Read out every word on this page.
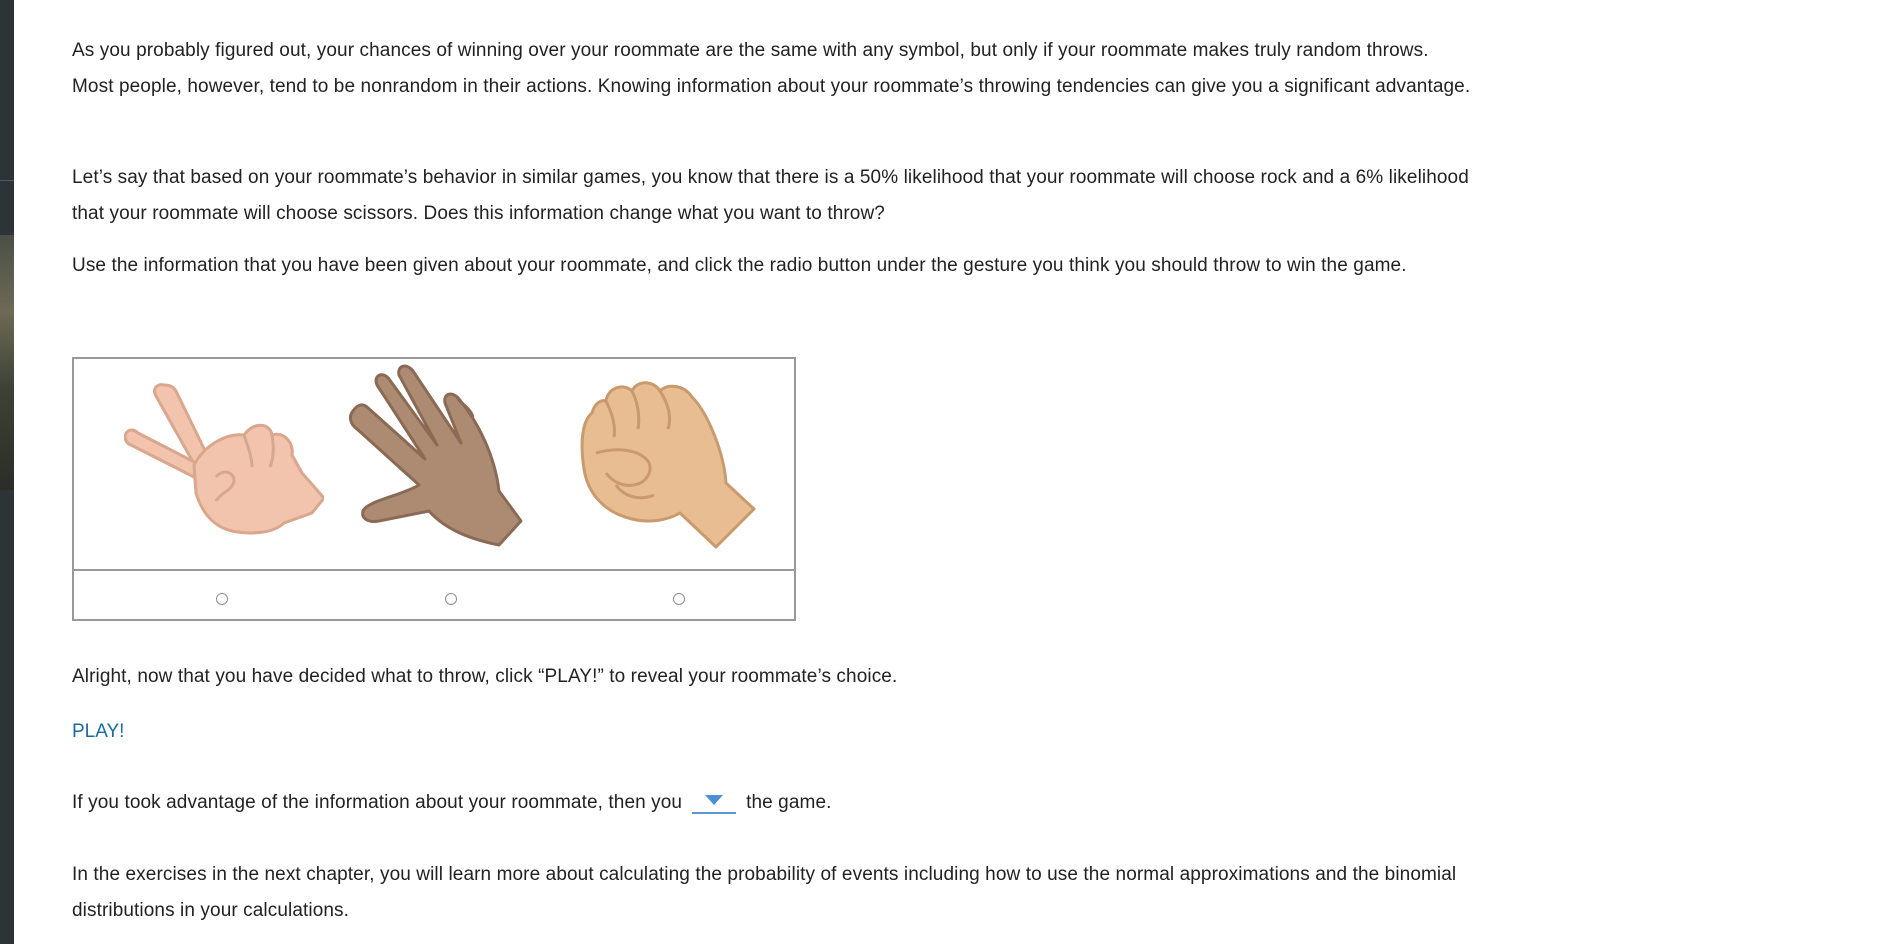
As you probably figured out, your chances of winning over your roommate are the same with any symbol, but only if your roommate makes truly random throws. Most people, however, tend to be nonrandom in their actions. Knowing information about your roommate’s throwing tendencies can give you a significant advantage.

Let’s say that based on your roommate’s behavior in similar games, you know that there is a 50% likelihood that your roommate will choose rock and a 6% likelihood that your roommate will choose scissors. Does this information change what you want to throw?

Use the information that you have been given about your roommate, and click the radio button under the gesture you think you should throw to win the game.

Alright, now that you have decided what to throw, click “PLAY!” to reveal your roommate’s choice.

PLAY!

If you took advantage of the information about your roommate, then you	the game.

In the exercises in the next chapter, you will learn more about calculating the probability of events including how to use the normal approximations and the binomial distributions in your calculations.
